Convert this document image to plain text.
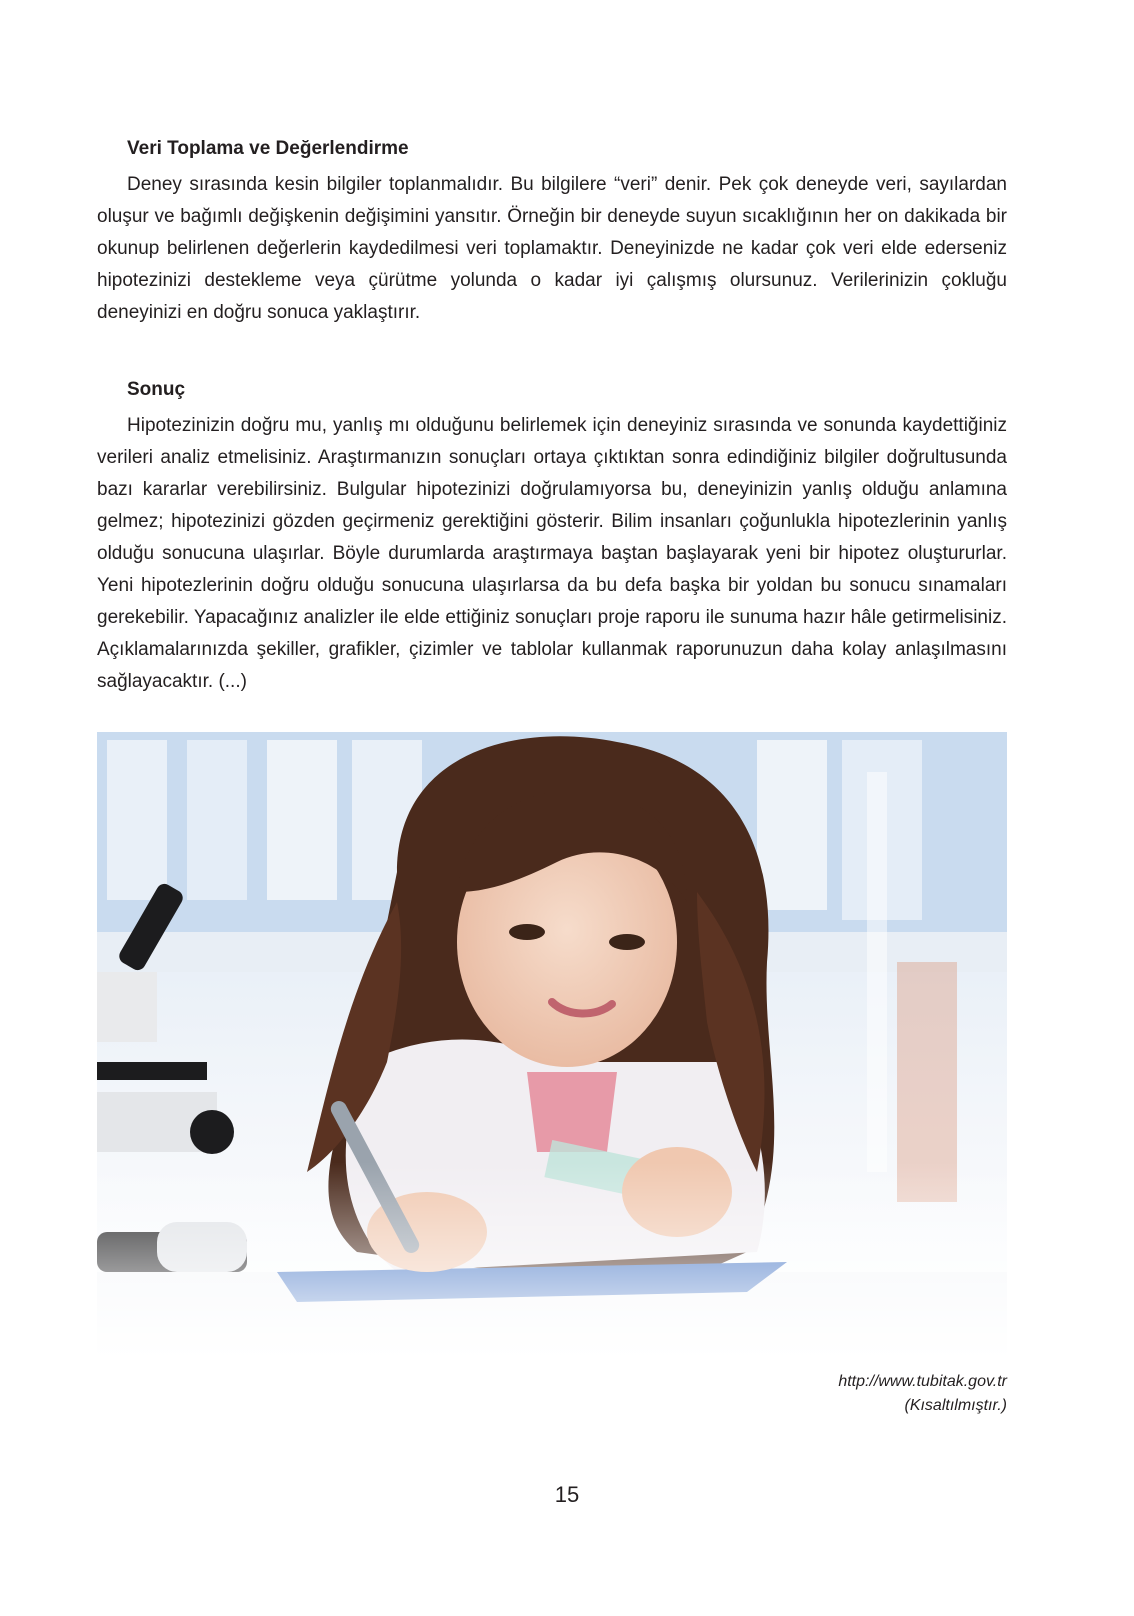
Veri Toplama ve Değerlendirme

Deney sırasında kesin bilgiler toplanmalıdır. Bu bilgilere “veri” denir. Pek çok deneyde veri, sayılardan oluşur ve bağımlı değişkenin değişimini yansıtır. Örneğin bir deneyde suyun sıcaklığının her on dakikada bir okunup belirlenen değerlerin kaydedilmesi veri toplamaktır. Deneyinizde ne kadar çok veri elde ederseniz hipotezinizi destekleme veya çürütme yolunda o kadar iyi çalışmış olursunuz. Verilerinizin çokluğu deneyinizi en doğru sonuca yaklaştırır.

Sonuç

Hipotezinizin doğru mu, yanlış mı olduğunu belirlemek için deneyiniz sırasında ve sonunda kaydettiğiniz verileri analiz etmelisiniz. Araştırmanızın sonuçları ortaya çıktıktan sonra edindiğiniz bilgiler doğrultusunda bazı kararlar verebilirsiniz. Bulgular hipotezinizi doğrulamıyorsa bu, deneyinizin yanlış olduğu anlamına gelmez; hipotezinizi gözden geçirmeniz gerektiğini gösterir. Bilim insanları çoğunlukla hipotezlerinin yanlış olduğu sonucuna ulaşırlar. Böyle durumlarda araştırmaya baştan başlayarak yeni bir hipotez oluştururlar. Yeni hipotezlerinin doğru olduğu sonucuna ulaşırlarsa da bu defa başka bir yoldan bu sonucu sınamaları gerekebilir. Yapacağınız analizler ile elde ettiğiniz sonuçları proje raporu ile sunuma hazır hâle getirmelisiniz. Açıklamalarınızda şekiller, grafikler, çizimler ve tablolar kullanmak raporunuzun daha kolay anlaşılmasını sağlayacaktır. (...)

http://www.tubitak.gov.tr
(Kısaltılmıştır.)
15
